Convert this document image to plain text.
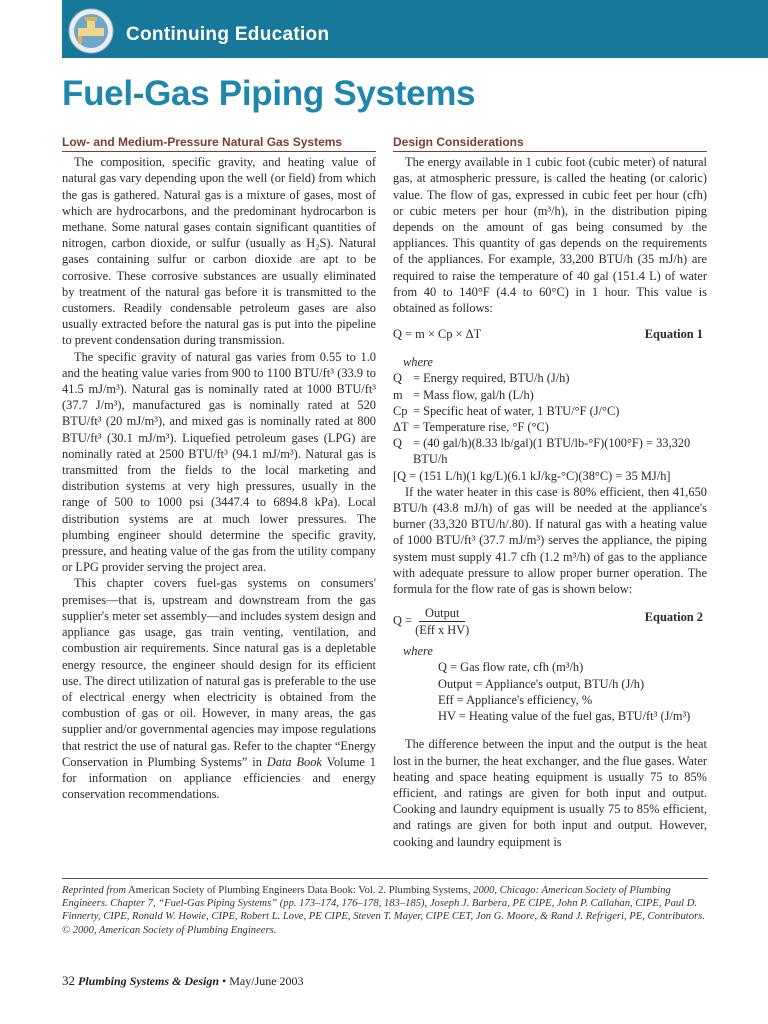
Continuing Education
Fuel-Gas Piping Systems
Low- and Medium-Pressure Natural Gas Systems

The composition, specific gravity, and heating value of natural gas vary depending upon the well (or field) from which the gas is gathered. Natural gas is a mixture of gases, most of which are hydrocarbons, and the predominant hydrocarbon is methane. Some natural gases contain significant quantities of nitrogen, carbon dioxide, or sulfur (usually as H₂S). Natural gases containing sulfur or carbon dioxide are apt to be corrosive. These corrosive substances are usually eliminated by treatment of the natural gas before it is transmitted to the customers. Readily condensable petroleum gases are also usually extracted before the natural gas is put into the pipeline to prevent condensation during transmission.

The specific gravity of natural gas varies from 0.55 to 1.0 and the heating value varies from 900 to 1100 BTU/ft³ (33.9 to 41.5 mJ/m³). Natural gas is nominally rated at 1000 BTU/ft³ (37.7 J/m³), manufactured gas is nominally rated at 520 BTU/ft³ (20 mJ/m³), and mixed gas is nominally rated at 800 BTU/ft³ (30.1 mJ/m³). Liquefied petroleum gases (LPG) are nominally rated at 2500 BTU/ft³ (94.1 mJ/m³). Natural gas is transmitted from the fields to the local marketing and distribution systems at very high pressures, usually in the range of 500 to 1000 psi (3447.4 to 6894.8 kPa). Local distribution systems are at much lower pressures. The plumbing engineer should determine the specific gravity, pressure, and heating value of the gas from the utility company or LPG provider serving the project area.

This chapter covers fuel-gas systems on consumers' premises—that is, upstream and downstream from the gas supplier's meter set assembly—and includes system design and appliance gas usage, gas train venting, ventilation, and combustion air requirements. Since natural gas is a depletable energy resource, the engineer should design for its efficient use. The direct utilization of natural gas is preferable to the use of electrical energy when electricity is obtained from the combustion of gas or oil. However, in many areas, the gas supplier and/or governmental agencies may impose regulations that restrict the use of natural gas. Refer to the chapter “Energy Conservation in Plumbing Systems” in Data Book Volume 1 for information on appliance efficiencies and energy conservation recommendations.

Design Considerations

The energy available in 1 cubic foot (cubic meter) of natural gas, at atmospheric pressure, is called the heating (or caloric) value. The flow of gas, expressed in cubic feet per hour (cfh) or cubic meters per hour (m³/h), in the distribution piping depends on the amount of gas being consumed by the appliances. This quantity of gas depends on the requirements of the appliances. For example, 33,200 BTU/h (35 mJ/h) are required to raise the temperature of 40 gal (151.4 L) of water from 40 to 140°F (4.4 to 60°C) in 1 hour. This value is obtained as follows:

Q = m × Cp × ΔT	Equation 1
where
Q = Energy required, BTU/h (J/h)
m = Mass flow, gal/h (L/h)
Cp = Specific heat of water, 1 BTU/°F (J/°C)
ΔT = Temperature rise, °F (°C)
Q = (40 gal/h)(8.33 lb/gal)(1 BTU/lb-°F)(100°F) = 33,320 BTU/h

[Q = (151 L/h)(1 kg/L)(6.1 kJ/kg-°C)(38°C) = 35 MJ/h]

If the water heater in this case is 80% efficient, then 41,650 BTU/h (43.8 mJ/h) of gas will be needed at the appliance's burner (33,320 BTU/h/.80). If natural gas with a heating value of 1000 BTU/ft³ (37.7 mJ/m³) serves the appliance, the piping system must supply 41.7 cfh (1.2 m³/h) of gas to the appliance with adequate pressure to allow proper burner operation. The formula for the flow rate of gas is shown below:

Q = Output
(Eff x HV)
Equation 2
where
Q = Gas flow rate, cfh (m³/h)
Output = Appliance's output, BTU/h (J/h)
Eff = Appliance's efficiency, %
HV = Heating value of the fuel gas, BTU/ft³ (J/m³)

The difference between the input and the output is the heat lost in the burner, the heat exchanger, and the flue gases. Water heating and space heating equipment is usually 75 to 85% efficient, and ratings are given for both input and output. Cooking and laundry equipment is usually 75 to 85% efficient, and ratings are given for both input and output. However, cooking and laundry equipment is

Reprinted from American Society of Plumbing Engineers Data Book: Vol. 2. Plumbing Systems, 2000, Chicago: American Society of Plumbing Engineers. Chapter 7, “Fuel-Gas Piping Systems” (pp. 173–174, 176–178, 183–185), Joseph J. Barbera, PE CIPE, John P. Callahan, CIPE, Paul D. Finnerty, CIPE, Ronald W. Howie, CIPE, Robert L. Love, PE CIPE, Steven T. Mayer, CIPE CET, Jon G. Moore, & Rand J. Refrigeri, PE, Contributors. © 2000, American Society of Plumbing Engineers.
32 Plumbing Systems & Design • May/June 2003
